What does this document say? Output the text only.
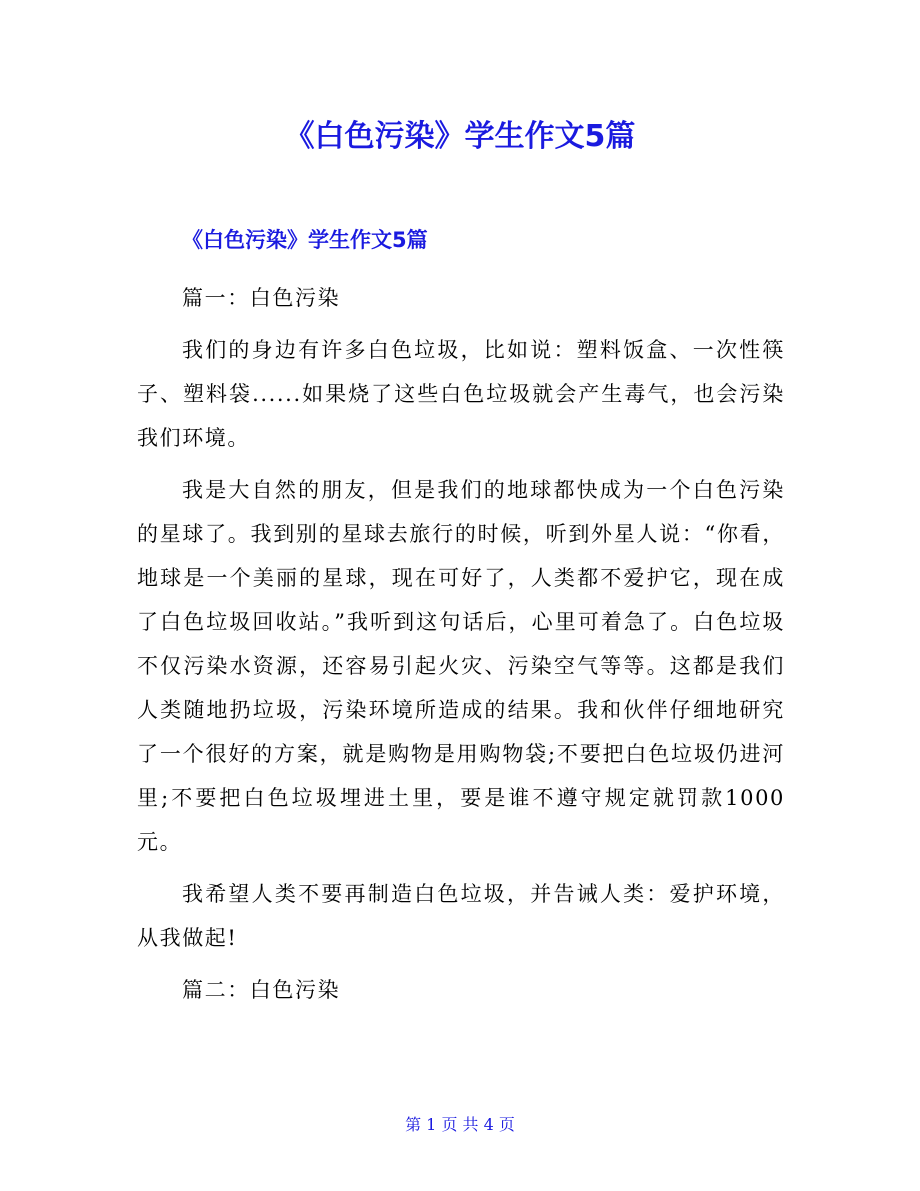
《白色污染》学生作文5篇
《白色污染》学生作文5篇

篇一：白色污染

我们的身边有许多白色垃圾，比如说：塑料饭盒、一次性筷子、塑料袋......如果烧了这些白色垃圾就会产生毒气，也会污染我们环境。

我是大自然的朋友，但是我们的地球都快成为一个白色污染的星球了。我到别的星球去旅行的时候，听到外星人说：“你看，地球是一个美丽的星球，现在可好了，人类都不爱护它，现在成了白色垃圾回收站。”我听到这句话后，心里可着急了。白色垃圾不仅污染水资源，还容易引起火灾、污染空气等等。这都是我们人类随地扔垃圾，污染环境所造成的结果。我和伙伴仔细地研究了一个很好的方案，就是购物是用购物袋;不要把白色垃圾仍进河里;不要把白色垃圾埋进土里，要是谁不遵守规定就罚款1000元。

我希望人类不要再制造白色垃圾，并告诫人类：爱护环境，从我做起!

篇二：白色污染

第 1 页 共 4 页
